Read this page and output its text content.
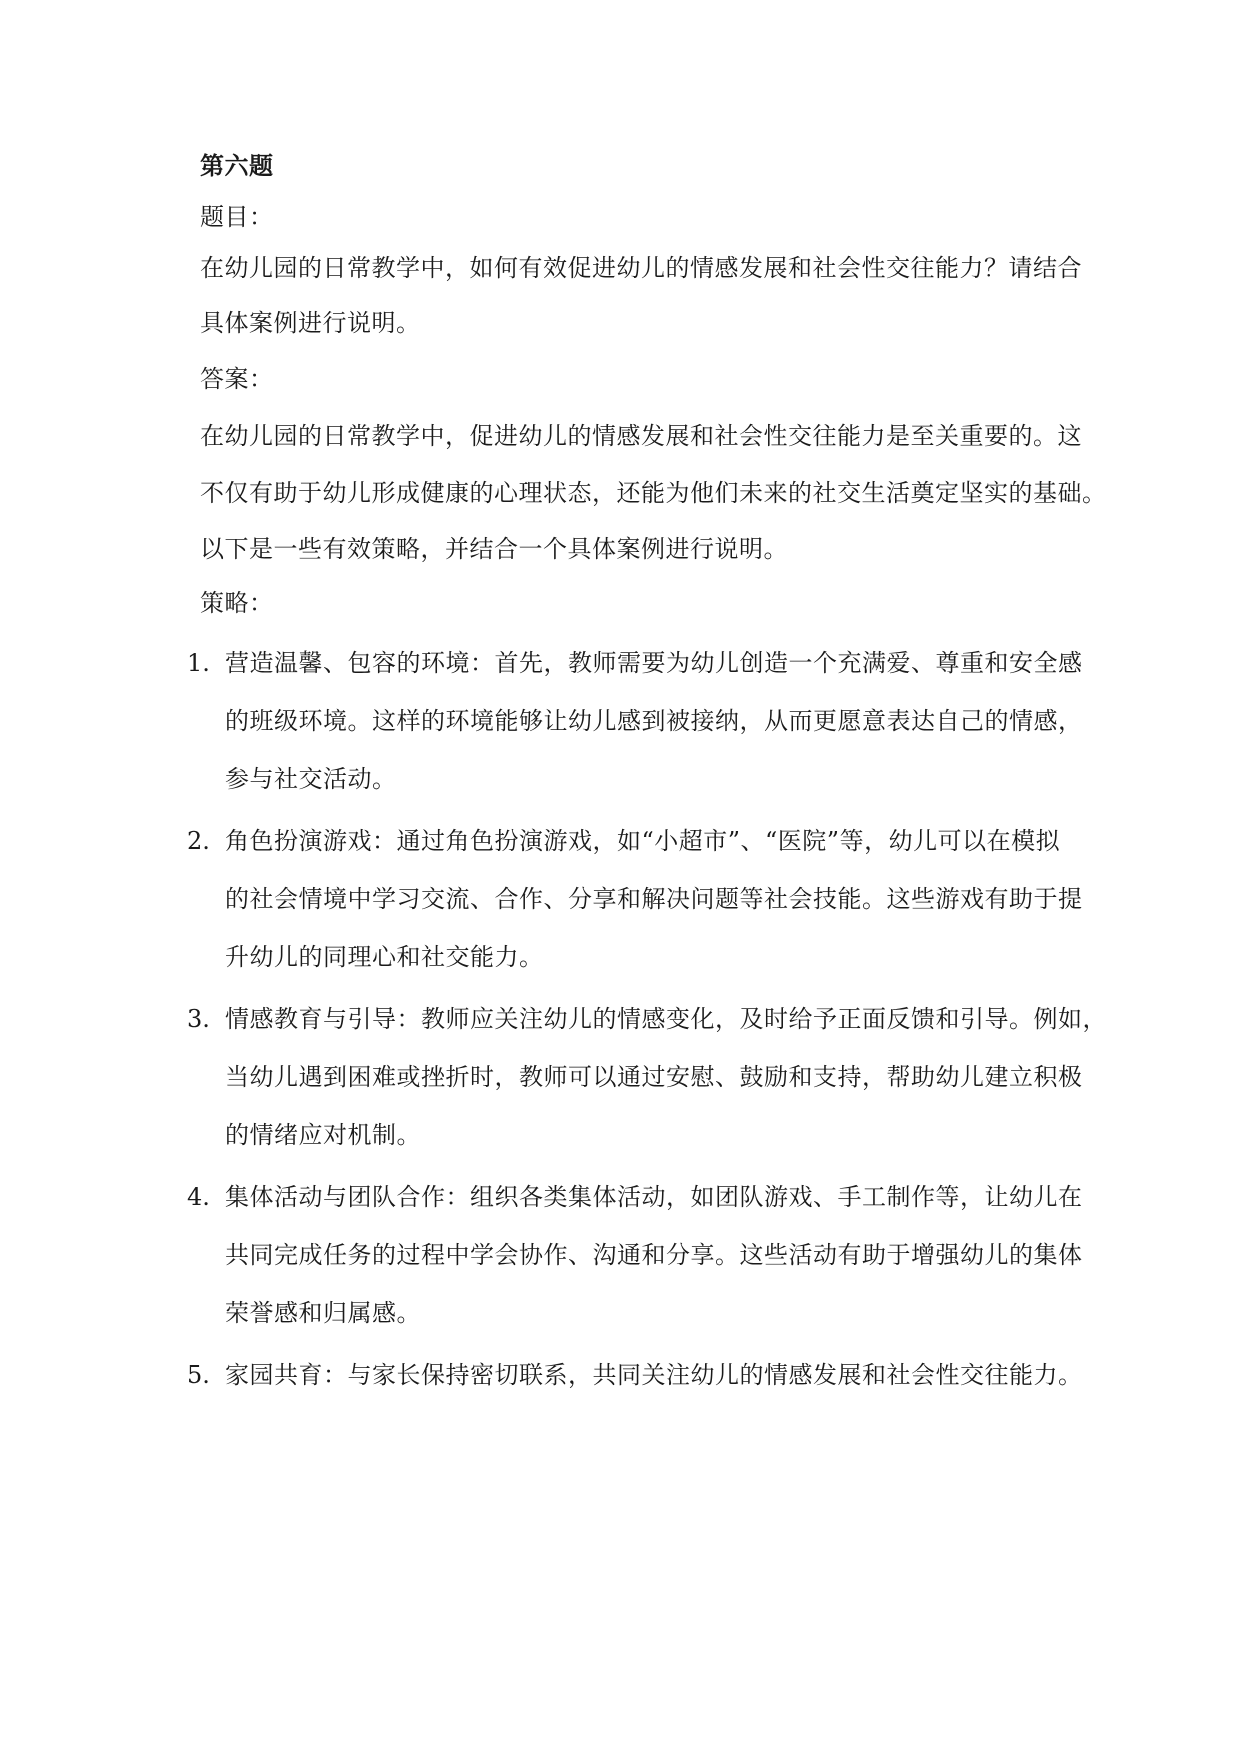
第六题
题目：
在幼儿园的日常教学中，如何有效促进幼儿的情感发展和社会性交往能力？请结合
具体案例进行说明。
答案：
在幼儿园的日常教学中，促进幼儿的情感发展和社会性交往能力是至关重要的。这
不仅有助于幼儿形成健康的心理状态，还能为他们未来的社交生活奠定坚实的基础。
以下是一些有效策略，并结合一个具体案例进行说明。
策略：
1. 营造温馨、包容的环境：首先，教师需要为幼儿创造一个充满爱、尊重和安全感
的班级环境。这样的环境能够让幼儿感到被接纳，从而更愿意表达自己的情感，
参与社交活动。
2. 角色扮演游戏：通过角色扮演游戏，如“小超市”、“医院”等，幼儿可以在模拟
的社会情境中学习交流、合作、分享和解决问题等社会技能。这些游戏有助于提
升幼儿的同理心和社交能力。
3. 情感教育与引导：教师应关注幼儿的情感变化，及时给予正面反馈和引导。例如，
当幼儿遇到困难或挫折时，教师可以通过安慰、鼓励和支持，帮助幼儿建立积极
的情绪应对机制。
4. 集体活动与团队合作：组织各类集体活动，如团队游戏、手工制作等，让幼儿在
共同完成任务的过程中学会协作、沟通和分享。这些活动有助于增强幼儿的集体
荣誉感和归属感。
5. 家园共育：与家长保持密切联系，共同关注幼儿的情感发展和社会性交往能力。
